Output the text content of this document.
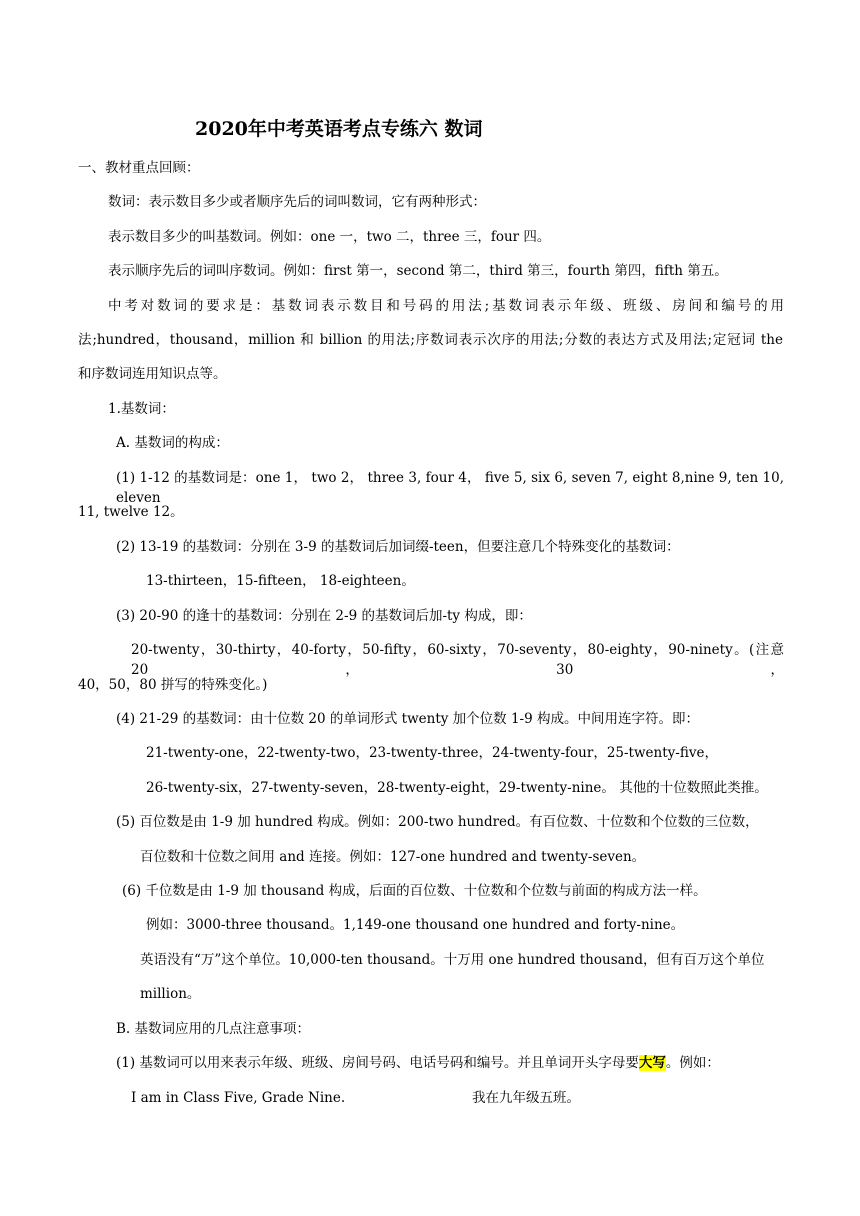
2020年中考英语考点专练六 数词
一、教材重点回顾：
数词：表示数目多少或者顺序先后的词叫数词，它有两种形式：
表示数目多少的叫基数词。例如：one 一，two 二，three 三，four 四。
表示顺序先后的词叫序数词。例如：first 第一，second 第二，third 第三，fourth 第四，fifth 第五。
中考对数词的要求是：基数词表示数目和号码的用法;基数词表示年级、班级、房间和编号的用
法;hundred，thousand，million 和 billion 的用法;序数词表示次序的用法;分数的表达方式及用法;定冠词 the
和序数词连用知识点等。
1.基数词：
A. 基数词的构成：
(1) 1-12 的基数词是：one 1， two 2， three 3, four 4， five 5, six 6, seven 7, eight 8,nine 9, ten 10, eleven
11, twelve 12。
(2) 13-19 的基数词：分别在 3-9 的基数词后加词缀-teen，但要注意几个特殊变化的基数词：
13-thirteen，15-fifteen， 18-eighteen。
(3) 20-90 的逢十的基数词：分别在 2-9 的基数词后加-ty 构成，即：
20-twenty，30-thirty，40-forty，50-fifty，60-sixty，70-seventy，80-eighty，90-ninety。(注意 20，30，
40，50，80 拼写的特殊变化。)
(4) 21-29 的基数词：由十位数 20 的单词形式 twenty 加个位数 1-9 构成。中间用连字符。即：
21-twenty-one，22-twenty-two，23-twenty-three，24-twenty-four，25-twenty-five，
26-twenty-six，27-twenty-seven，28-twenty-eight，29-twenty-nine。 其他的十位数照此类推。
(5) 百位数是由 1-9 加 hundred 构成。例如：200-two hundred。有百位数、十位数和个位数的三位数，
百位数和十位数之间用 and 连接。例如：127-one hundred and twenty-seven。
(6) 千位数是由 1-9 加 thousand 构成，后面的百位数、十位数和个位数与前面的构成方法一样。
例如：3000-three thousand。1,149-one thousand one hundred and forty-nine。
英语没有“万”这个单位。10,000-ten thousand。十万用 one hundred thousand，但有百万这个单位
million。
B. 基数词应用的几点注意事项：
(1) 基数词可以用来表示年级、班级、房间号码、电话号码和编号。并且单词开头字母要大写。例如：
I am in Class Five, Grade Nine.	我在九年级五班。
